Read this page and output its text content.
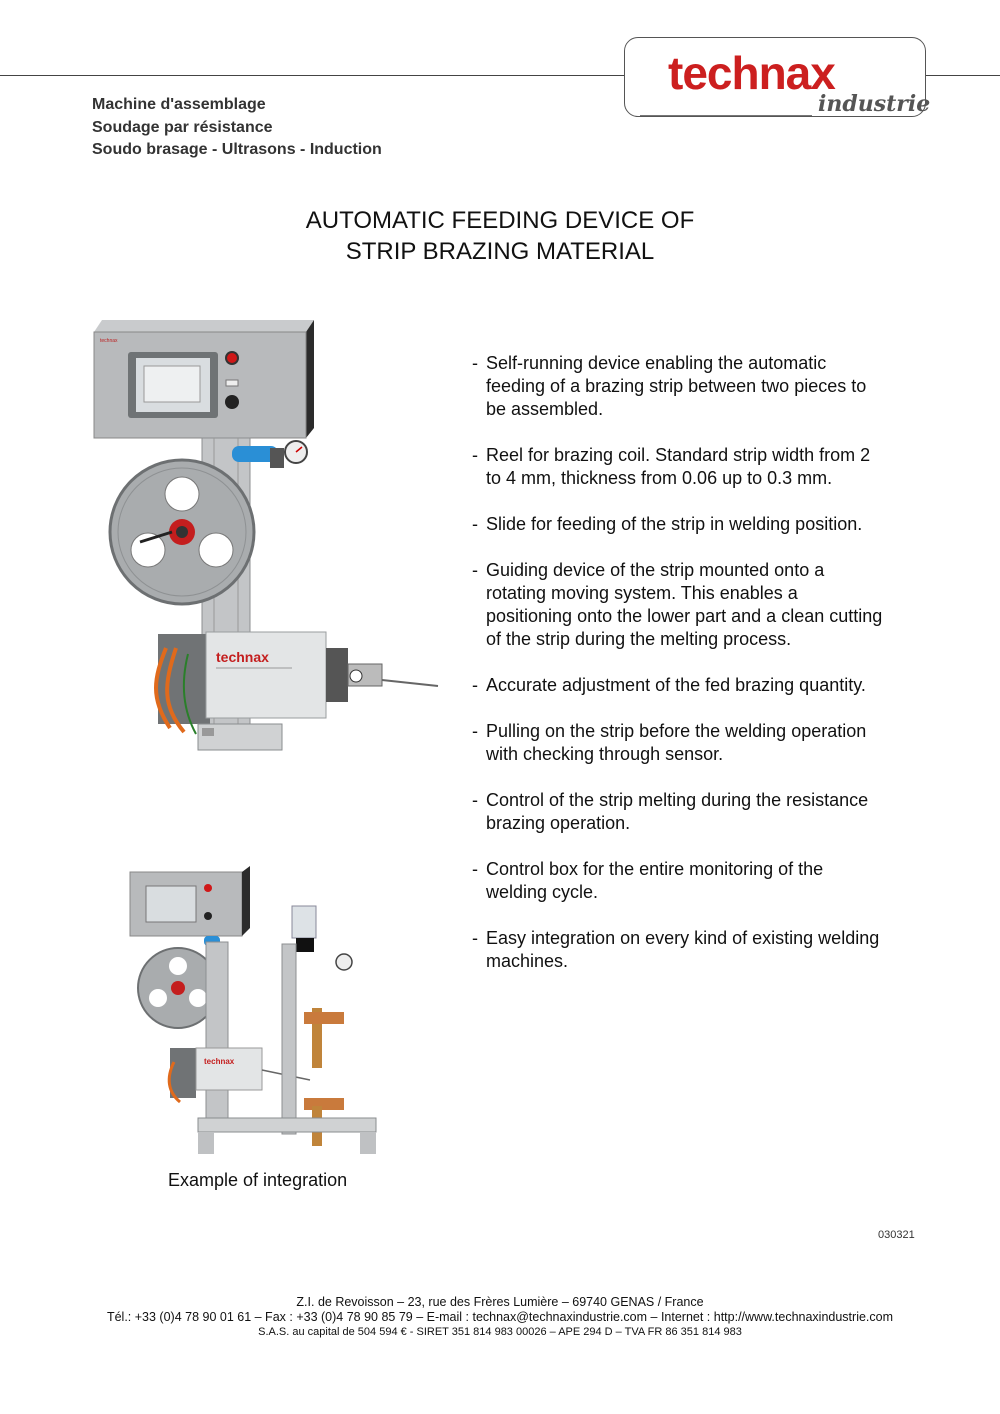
technax
industrie
Machine d'assemblage
Soudage par résistance
Soudo brasage - Ultrasons - Induction
AUTOMATIC FEEDING DEVICE OF
STRIP BRAZING MATERIAL
technax
technax
- Self-running device enabling the automatic
feeding of a brazing strip between two pieces to
be assembled.
- Reel for brazing coil. Standard strip width from 2
to 4 mm, thickness from 0.06 up to 0.3 mm.
- Slide for feeding of the strip in welding position.
- Guiding device of the strip mounted onto a
rotating moving system. This enables a
positioning onto the lower part and a clean cutting
of the strip during the melting process.
- Accurate adjustment of the fed brazing quantity.
- Pulling on the strip before the welding operation
with checking through sensor.
- Control of the strip melting during the resistance
brazing operation.
- Control box for the entire monitoring of the
welding cycle.
- Easy integration on every kind of existing welding
machines.
technax
Example of integration
030321
Z.I. de Revoisson – 23, rue des Frères Lumière – 69740 GENAS / France
Tél.: +33 (0)4 78 90 01 61 – Fax : +33 (0)4 78 90 85 79 – E-mail : technax@technaxindustrie.com – Internet : http://www.technaxindustrie.com
S.A.S. au capital de 504 594 € - SIRET 351 814 983 00026 – APE 294 D – TVA FR 86 351 814 983
